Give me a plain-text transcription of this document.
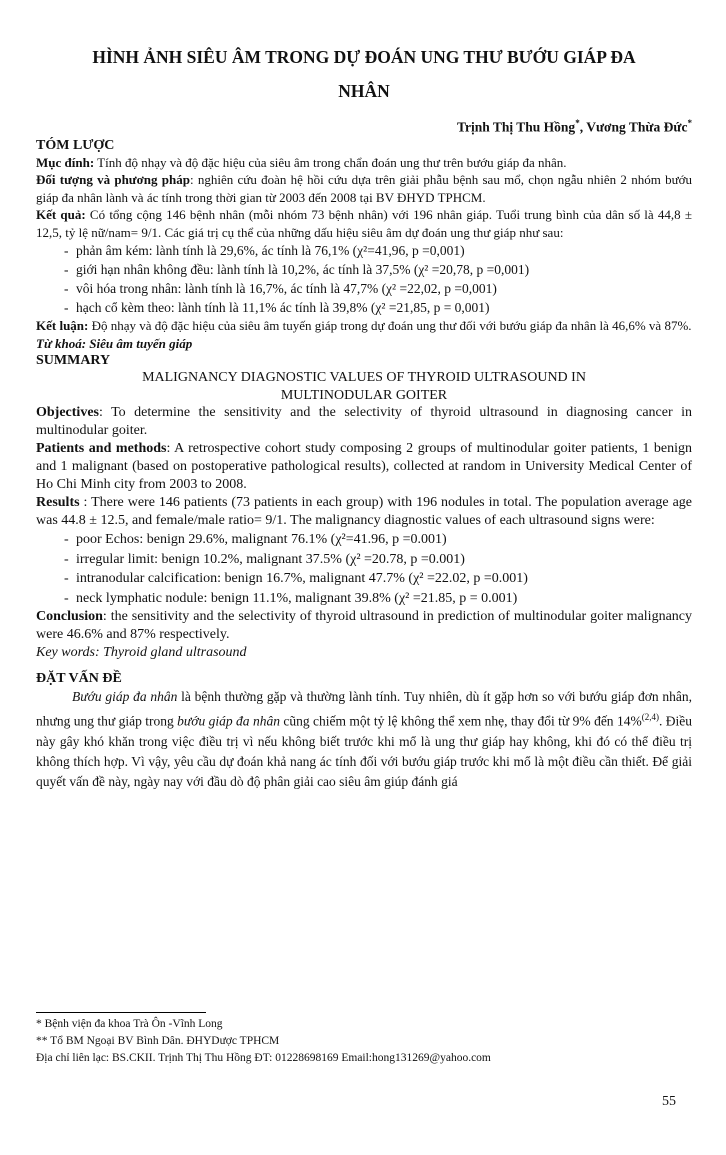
HÌNH ẢNH SIÊU ÂM TRONG DỰ ĐOÁN UNG THƯ BƯỚU GIÁP ĐA
NHÂN
Trịnh Thị Thu Hồng*, Vương Thừa Đức*
TÓM LƯỢC

Mục đính: Tính độ nhạy và độ đặc hiệu của siêu âm trong chẩn đoán ung thư trên bướu giáp đa nhân.

Đối tượng và phương pháp: nghiên cứu đoàn hệ hồi cứu dựa trên giải phẫu bệnh sau mổ, chọn ngẫu nhiên 2 nhóm bướu giáp đa nhân lành và ác tính trong thời gian từ 2003 đến 2008 tại BV ĐHYD TPHCM.

Kết quả: Có tổng cộng 146 bệnh nhân (mỗi nhóm 73 bệnh nhân) với 196 nhân giáp. Tuổi trung bình của dân số là 44,8 ± 12,5, tỷ lệ nữ/nam= 9/1. Các giá trị cụ thể của những dấu hiệu siêu âm dự đoán ung thư giáp như sau:

- phản âm kém: lành tính là 29,6%, ác tính là 76,1% (χ²=41,96, p =0,001)
- giới hạn nhân không đều: lành tính là 10,2%, ác tính là 37,5% (χ² =20,78, p =0,001)
- vôi hóa trong nhân: lành tính là 16,7%, ác tính là 47,7% (χ² =22,02, p =0,001)
- hạch cổ kèm theo: lành tính là 11,1% ác tính là 39,8% (χ² =21,85, p = 0,001)

Kết luận: Độ nhạy và độ đặc hiệu của siêu âm tuyến giáp trong dự đoán ung thư đối với bướu giáp đa nhân là 46,6% và 87%.

Từ khoá: Siêu âm tuyến giáp

SUMMARY
MALIGNANCY DIAGNOSTIC VALUES OF THYROID ULTRASOUND IN
MULTINODULAR GOITER

Objectives: To determine the sensitivity and the selectivity of thyroid ultrasound in diagnosing cancer in multinodular goiter.

Patients and methods: A retrospective cohort study composing 2 groups of multinodular goiter patients, 1 benign and 1 malignant (based on postoperative pathological results), collected at random in University Medical Center of Ho Chi Minh city from 2003 to 2008.

Results : There were 146 patients (73 patients in each group) with 196 nodules in total. The population average age was 44.8 ± 12.5, and female/male ratio= 9/1. The malignancy diagnostic values of each ultrasound signs were:

- poor Echos: benign 29.6%, malignant 76.1% (χ²=41.96, p =0.001)
- irregular limit: benign 10.2%, malignant 37.5% (χ² =20.78, p =0.001)
- intranodular calcification: benign 16.7%, malignant 47.7% (χ² =22.02, p =0.001)
- neck lymphatic nodule: benign 11.1%, malignant 39.8% (χ² =21.85, p = 0.001)

Conclusion: the sensitivity and the selectivity of thyroid ultrasound in prediction of multinodular goiter malignancy were 46.6% and 87% respectively.

Key words: Thyroid gland ultrasound

ĐẶT VẤN ĐỀ

Bướu giáp đa nhân là bệnh thường gặp và thường lành tính. Tuy nhiên, dù ít gặp hơn so với bướu giáp đơn nhân, nhưng ung thư giáp trong bướu giáp đa nhân cũng chiếm một tỷ lệ không thể xem nhẹ, thay đổi từ 9% đến 14%$^{(2,4)}$. Điều này gây khó khăn trong việc điều trị vì nếu không biết trước khi mổ là ung thư giáp hay không, khi đó có thể điều trị không thích hợp. Vì vậy, yêu cầu dự đoán khả nang ác tính đối với bướu giáp trước khi mổ là một điều cần thiết. Để giải quyết vấn đề này, ngày nay với đầu dò độ phân giải cao siêu âm giúp đánh giá

* Bệnh viện đa khoa Trà Ôn -Vĩnh Long
** Tổ BM Ngoại BV Bình Dân. ĐHYDược TPHCM
Địa chỉ liên lạc: BS.CKII. Trịnh Thị Thu Hồng ĐT: 01228698169 Email:hong131269@yahoo.com
55
